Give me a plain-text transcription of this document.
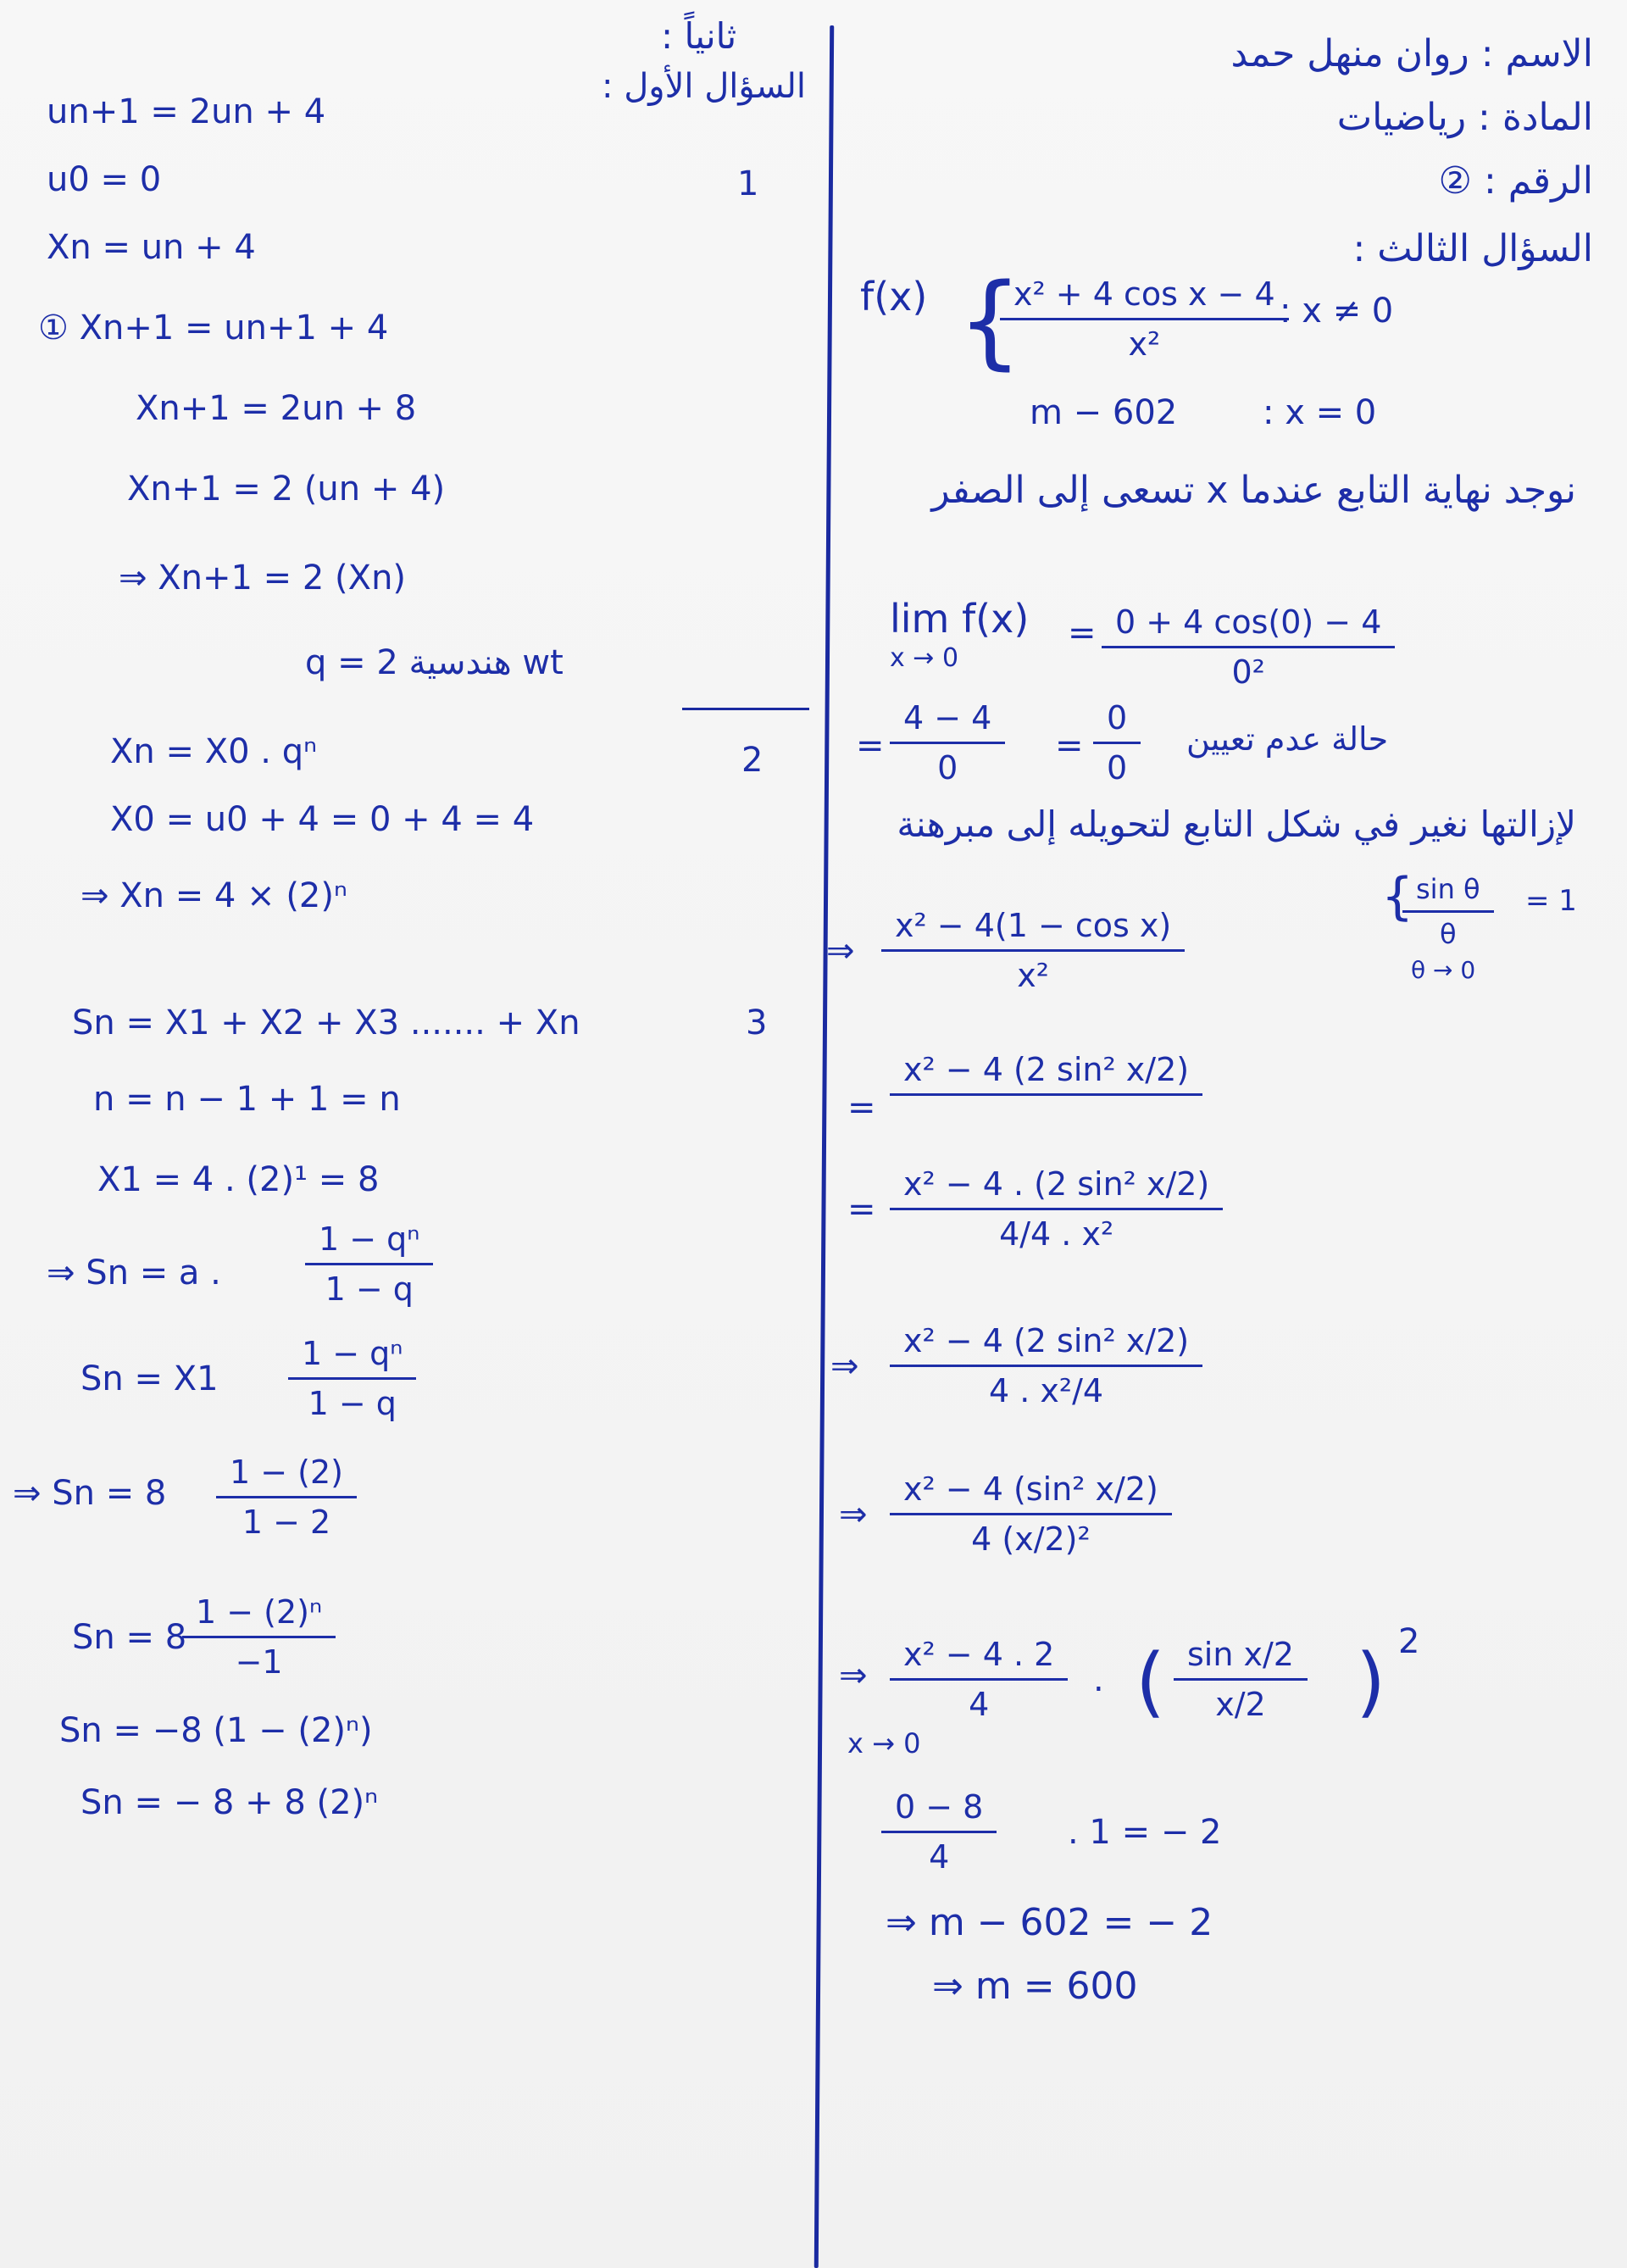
الاسم : روان منهل حمد
المادة : رياضيات
الرقم : ②
السؤال الثالث :
f(x) {
$\frac{\text{x² + 4 cos x − 4}}{\text{x²}}$
: x ≠ 0
m − 602	: x = 0
نوجد نهاية التابع عندما x تسعى إلى الصفر
lim f(x)
x → 0
= $\frac{0 + 4 \cos(0) - 4}{\text{0²}}$
= $\frac{4 - 4}{0} = \frac{0}{0}$ حالة عدم تعيين
لإزالتها نغير في شكل التابع لتحويله إلى مبرهنة
{
$\frac{\text{sin θ}}{\theta} = 1$
θ → 0
⇒ $\frac{\text{x² − 4(1 − cos x)}}{\text{x²}}$
=
x² − 4 (2 sin² x/2)

= $\frac{\text{x² − 4 . (2 sin² x/2)}}{\text{4/4 . x²}}$
⇒ $\frac{\text{x² − 4 (2 sin² x/2)}}{\text{4 . x²/4}}$
⇒ $\frac{\text{x² − 4 (sin² x/2)}}{\text{4 (x/2)²}}$
⇒ $\frac{\text{x² − 4 . 2}}{4}$ . ( $\frac{\text{sin x/2}}{x/2}$ ) 2
x → 0
$\frac{0 - 8}{4}$ . 1 = − 2
⇒ m − 602 = − 2
⇒ m = 600
ثانياً :
السؤال الأول :
un+1 = 2un + 4
u0 = 0
Xn = un + 4
1
① Xn+1 = un+1 + 4
Xn+1 = 2un + 8
Xn+1 = 2 (un + 4)
⇒ Xn+1 = 2 (Xn)
q = 2 هندسية wt
2
Xn = X0 . qⁿ
X0 = u0 + 4 = 0 + 4 = 4
⇒ Xn = 4 × (2)ⁿ
3
Sn = X1 + X2 + X3 ....... + Xn
n = n − 1 + 1 = n
X1 = 4 . (2)¹ = 8
⇒ Sn = a .	$\frac{\text{1 − qⁿ}}{1 - q}$
$Sn = X1 \frac{\text{1 − qⁿ}}{1 - q}$
⇒ $Sn = 8 \frac{1 - (2)}{1 - 2}$
Sn = 8
$\frac{\text{1 − (2)ⁿ}}{-1}$
Sn = −8 (1 − (2)ⁿ)
Sn = − 8 + 8 (2)ⁿ
